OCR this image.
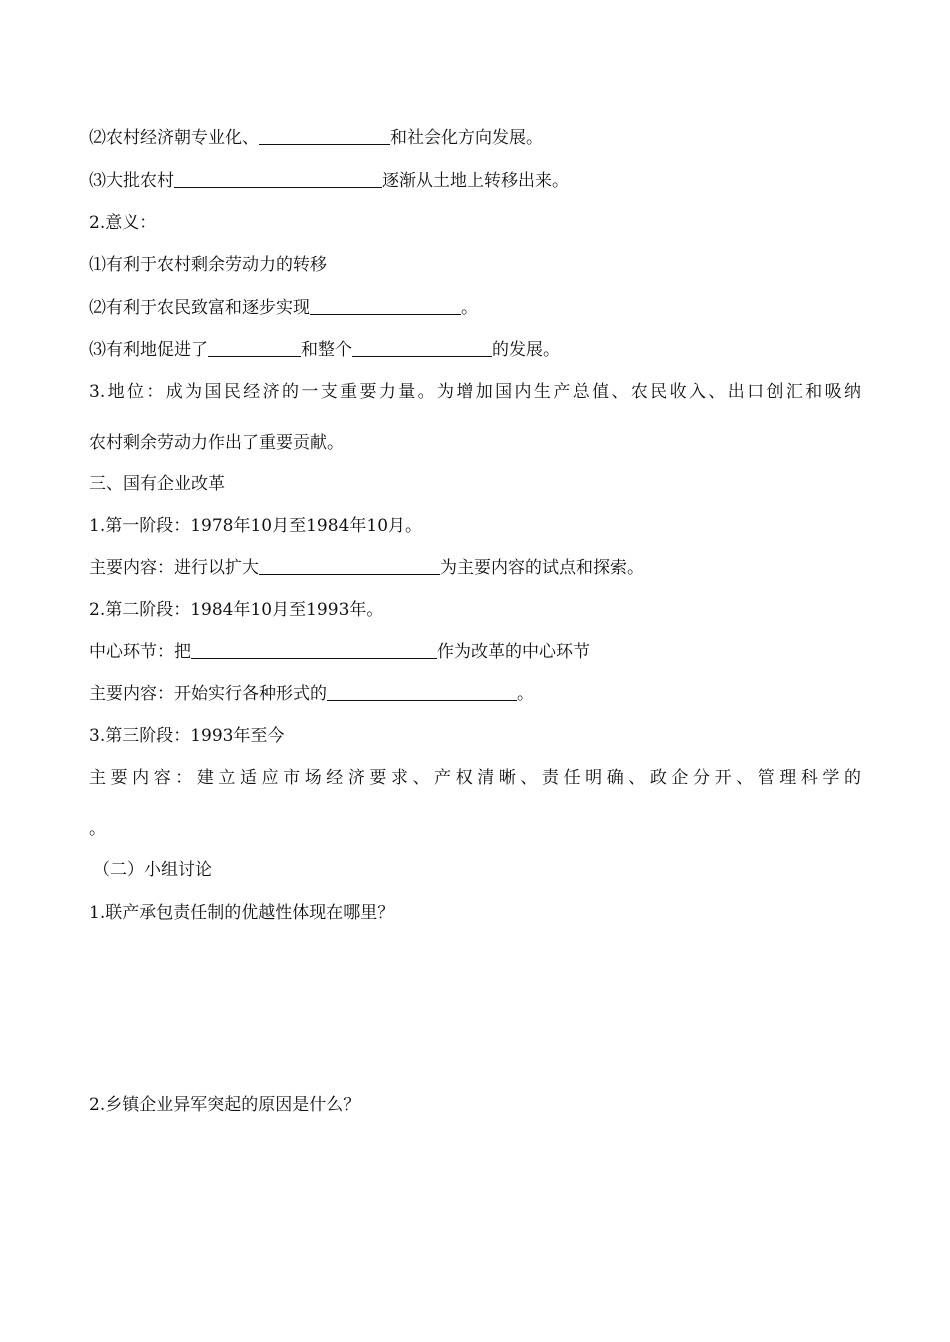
⑵农村经济朝专业化、	和社会化方向发展。
⑶大批农村	逐渐从土地上转移出来。
2.意义：
⑴有利于农村剩余劳动力的转移
⑵有利于农民致富和逐步实现	。
⑶有利地促进了	和整个	的发展。
3.地位：成为国民经济的一支重要力量。为增加国内生产总值、农民收入、出口创汇和吸纳
农村剩余劳动力作出了重要贡献。
三、国有企业改革
1.第一阶段：1978年10月至1984年10月。
主要内容：进行以扩大	为主要内容的试点和探索。
2.第二阶段：1984年10月至1993年。
中心环节：把	作为改革的中心环节
主要内容：开始实行各种形式的	。
3.第三阶段：1993年至今
主要内容：建立适应市场经济要求、产权清晰、责任明确、政企分开、管理科学的
。
（二）小组讨论
1.联产承包责任制的优越性体现在哪里？
2.乡镇企业异军突起的原因是什么？
